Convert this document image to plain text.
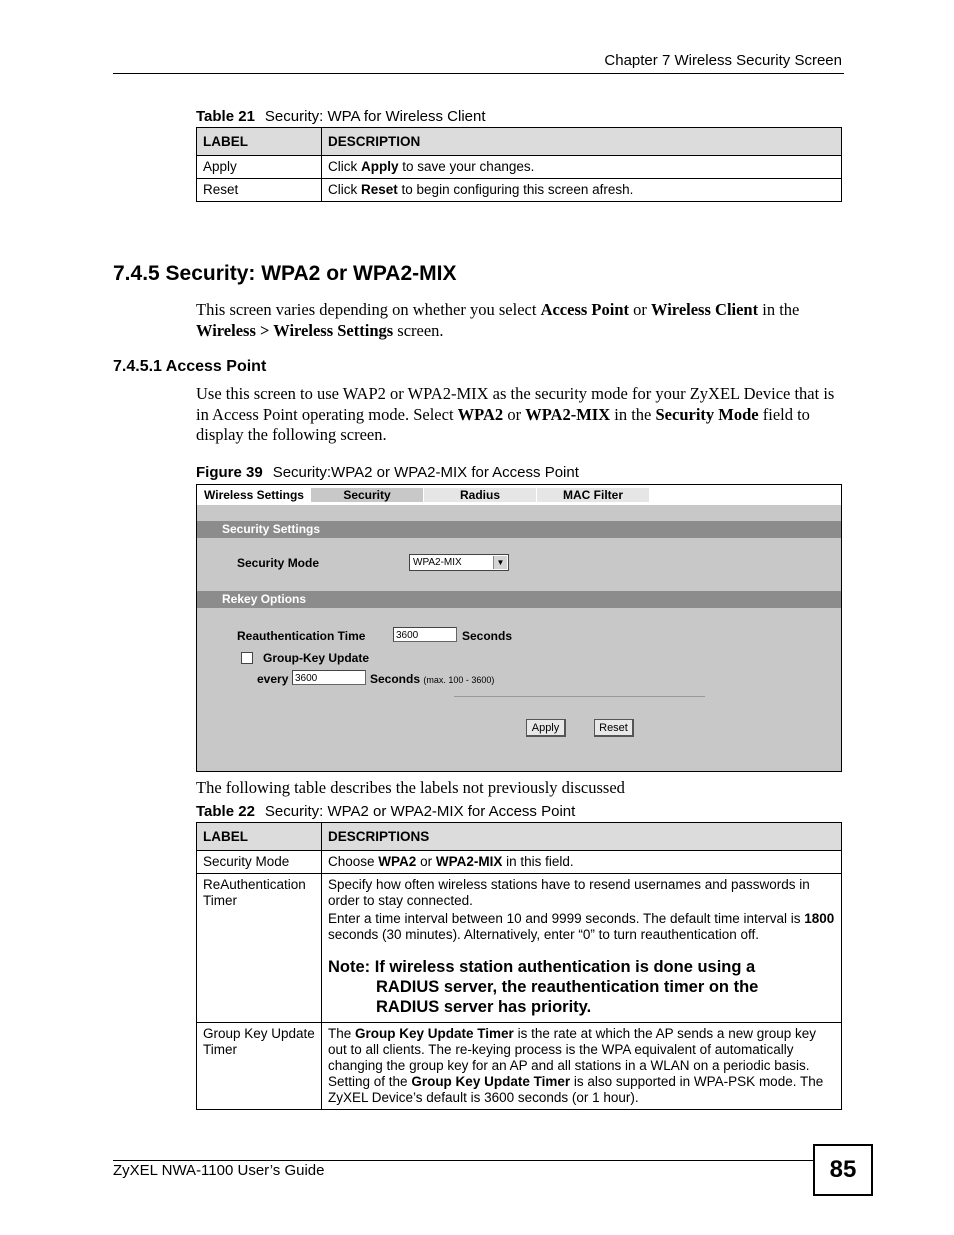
Chapter 7 Wireless Security Screen
Table 21 Security: WPA for Wireless Client
LABEL	DESCRIPTION
Apply	Click Apply to save your changes.
Reset	Click Reset to begin configuring this screen afresh.
7.4.5 Security: WPA2 or WPA2-MIX
This screen varies depending on whether you select Access Point or Wireless Client in the Wireless > Wireless Settings screen.
7.4.5.1 Access Point
Use this screen to use WAP2 or WPA2-MIX as the security mode for your ZyXEL Device that is in Access Point operating mode. Select WPA2 or WPA2-MIX in the Security Mode field to display the following screen.
Figure 39 Security:WPA2 or WPA2-MIX for Access Point
Wireless Settings	Security	Radius	MAC Filter
Security Settings
Security Mode	WPA2-MIX	▼
Rekey Options
Reauthentication Time	3600	Seconds
Group-Key Update
every 3600	Seconds (max. 100 - 3600)
Apply	Reset
The following table describes the labels not previously discussed
Table 22 Security: WPA2 or WPA2-MIX for Access Point
LABEL	DESCRIPTIONS
Security Mode	Choose WPA2 or WPA2-MIX in this field.
ReAuthentication Timer	Specify how often wireless stations have to resend usernames and passwords in order to stay connected.
Enter a time interval between 10 and 9999 seconds. The default time interval is 1800 seconds (30 minutes). Alternatively, enter “0” to turn reauthentication off.
Note: If wireless station authentication is done using a
RADIUS server, the reauthentication timer on the
RADIUS server has priority.

Group Key Update Timer	The Group Key Update Timer is the rate at which the AP sends a new group key out to all clients. The re-keying process is the WPA equivalent of automatically changing the group key for an AP and all stations in a WLAN on a periodic basis. Setting of the Group Key Update Timer is also supported in WPA-PSK mode. The ZyXEL Device’s default is 3600 seconds (or 1 hour).
ZyXEL NWA-1100 User’s Guide	85
